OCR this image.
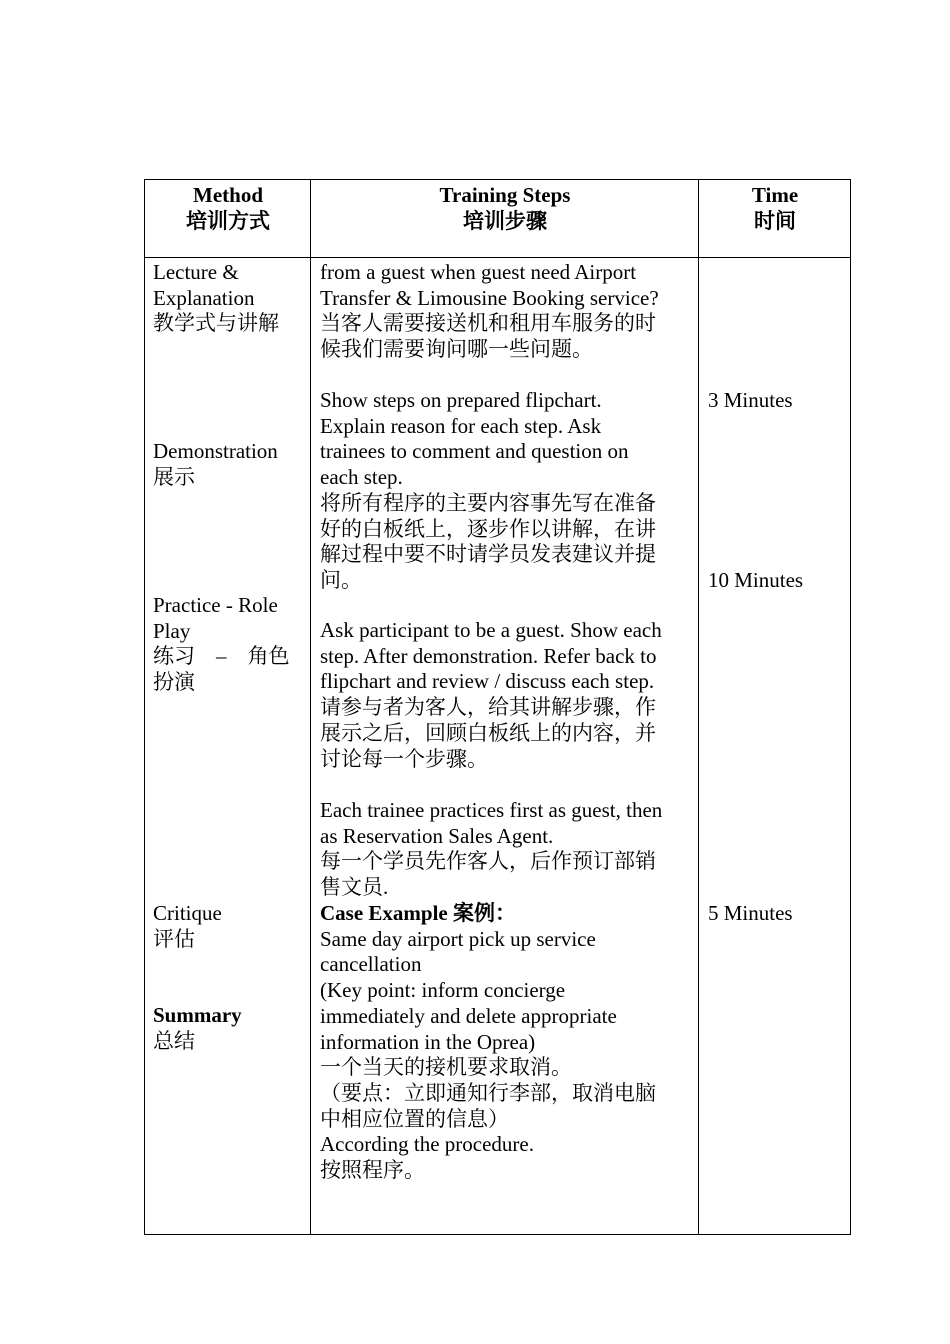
Method
培训方式
Training Steps
培训步骤
Time
时间
Lecture &
Explanation
教学式与讲解
Demonstration
展示
Practice - Role
Play
练习　–　角色
扮演
Critique
评估
Summary
总结
from a guest when guest need Airport
Transfer & Limousine Booking service?
当客人需要接送机和租用车服务的时
候我们需要询问哪一些问题。
Show steps on prepared flipchart.
Explain reason for each step. Ask
trainees to comment and question on
each step.
将所有程序的主要内容事先写在准备
好的白板纸上，逐步作以讲解，在讲
解过程中要不时请学员发表建议并提
问。
Ask participant to be a guest. Show each
step. After demonstration. Refer back to
flipchart and review / discuss each step.
请参与者为客人，给其讲解步骤，作
展示之后，回顾白板纸上的内容，并
讨论每一个步骤。
Each trainee practices first as guest, then
as Reservation Sales Agent.
每一个学员先作客人，后作预订部销
售文员.
Case Example 案例：
Same day airport pick up service
cancellation
(Key point: inform concierge
immediately and delete appropriate
information in the Oprea)
一个当天的接机要求取消。
（要点：立即通知行李部，取消电脑
中相应位置的信息）
According the procedure.
按照程序。
3 Minutes
10 Minutes
5 Minutes
